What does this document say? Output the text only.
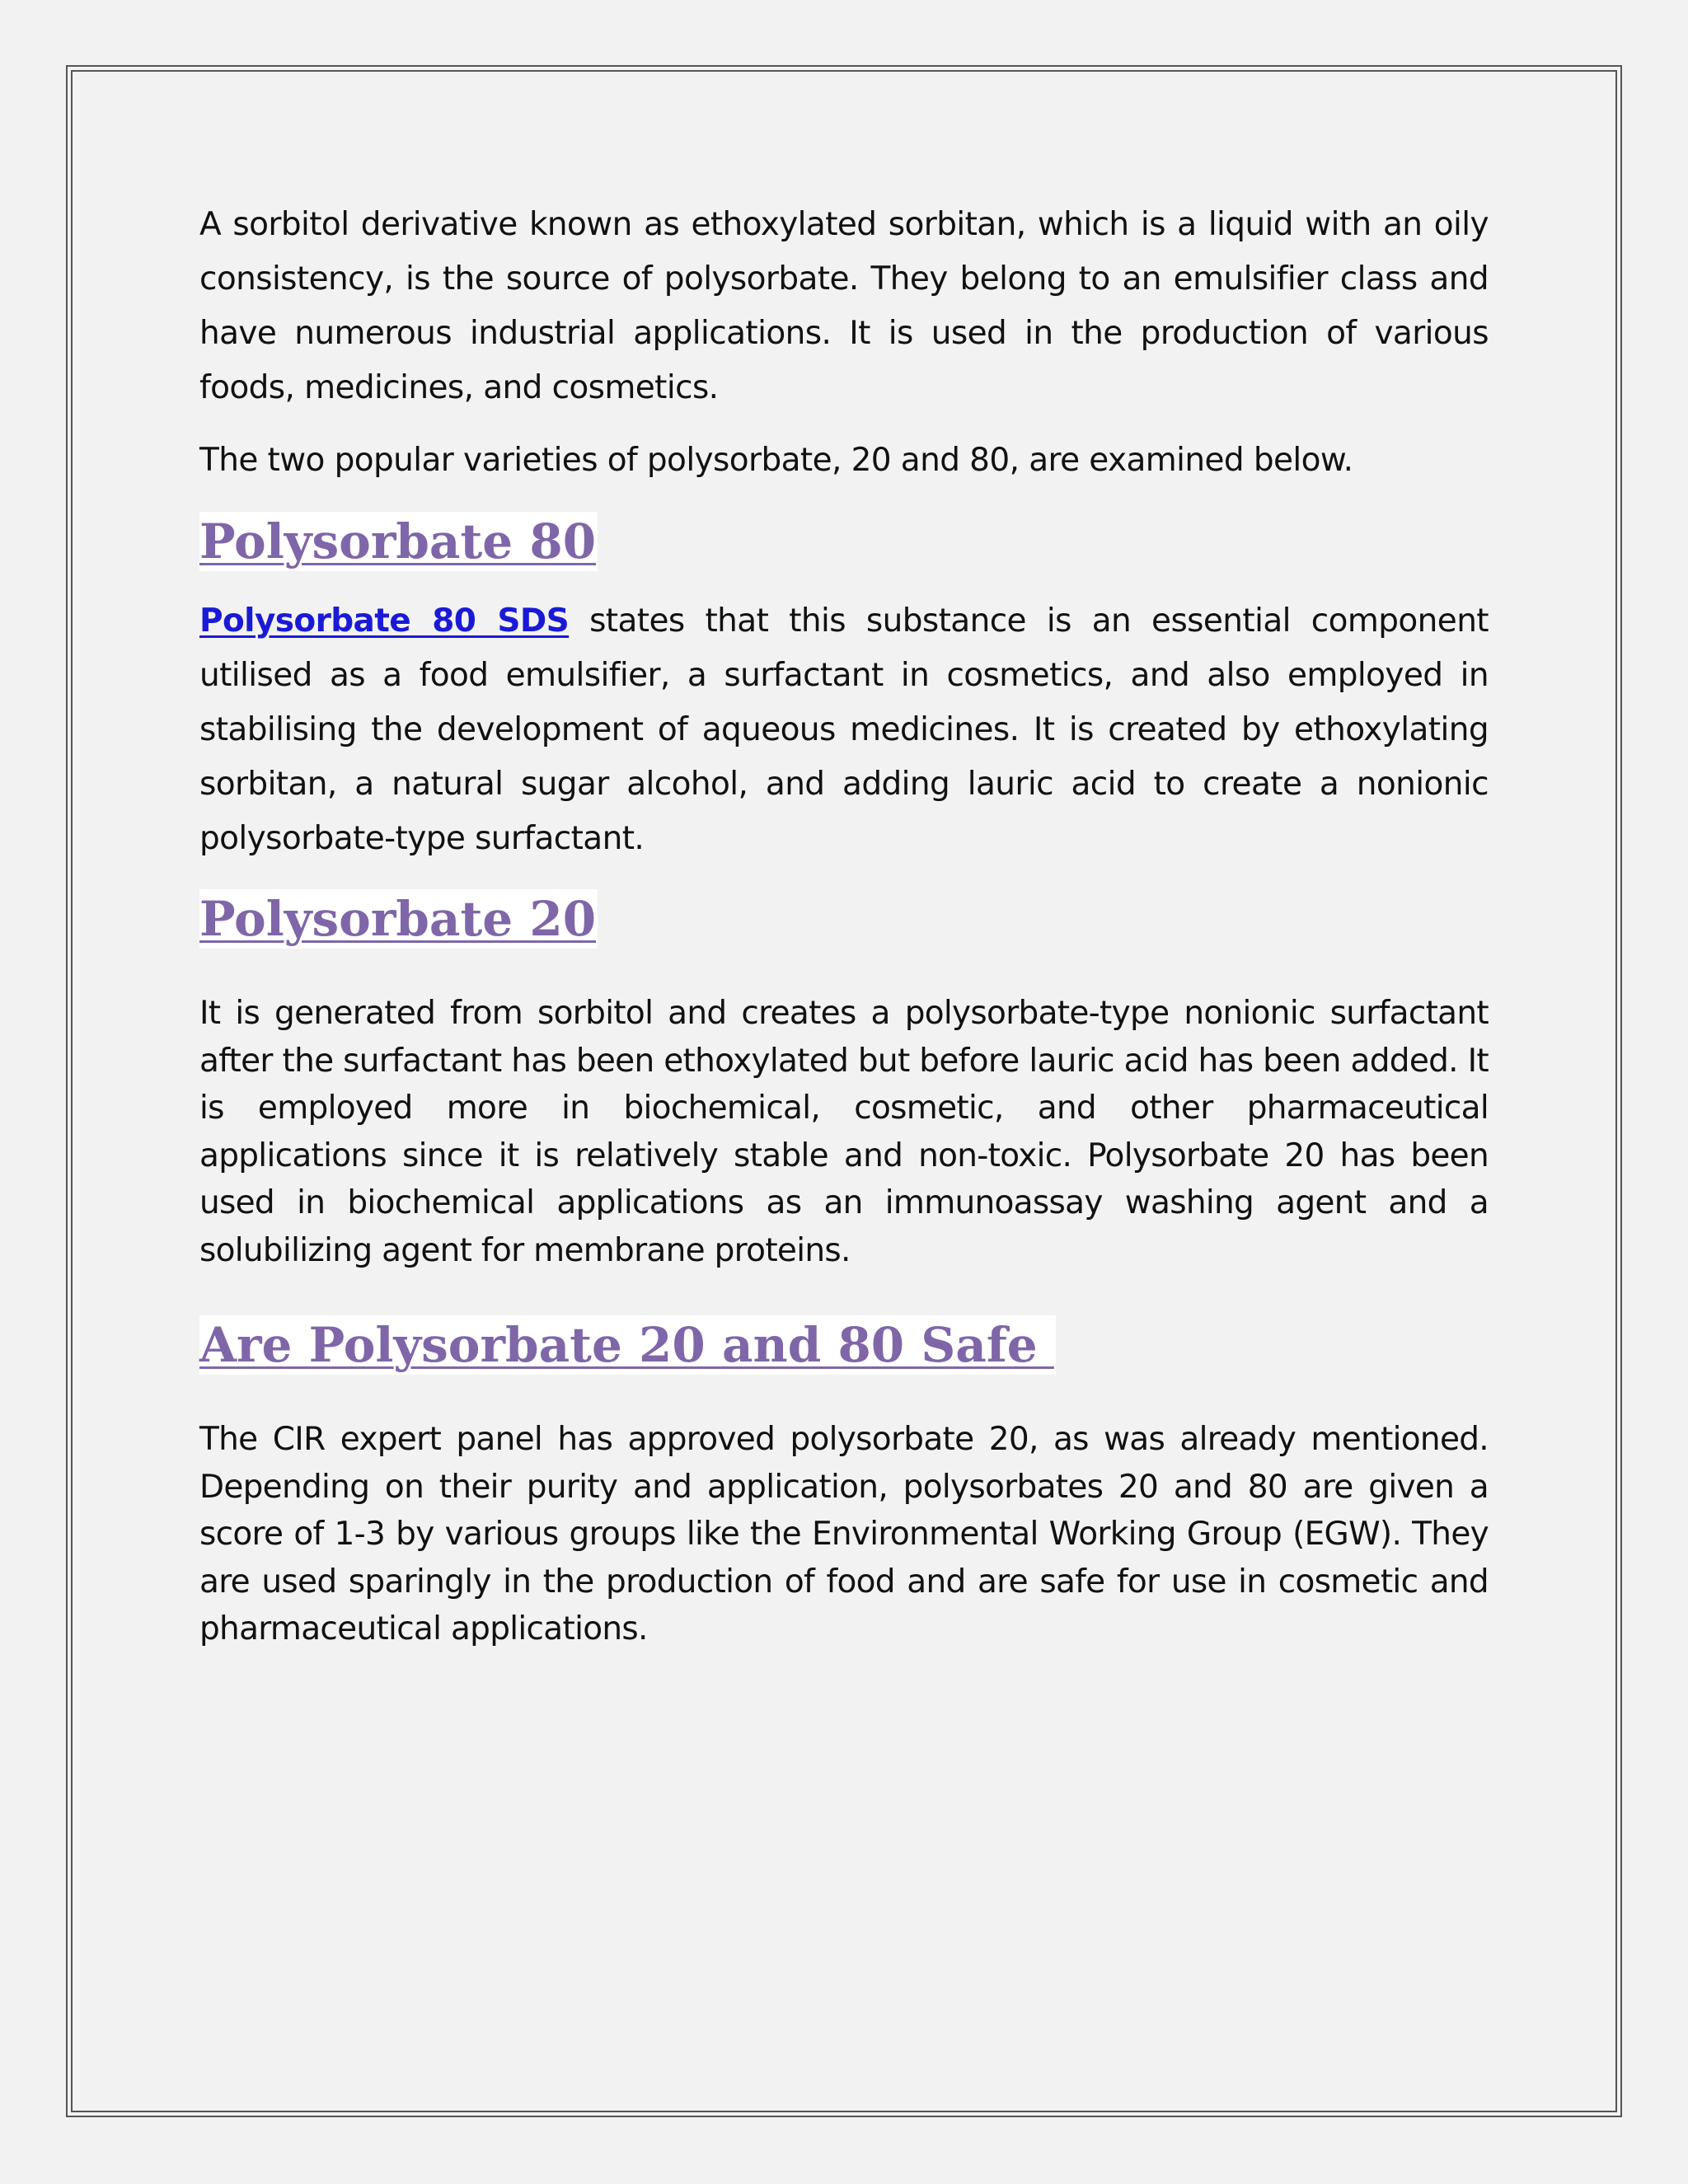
A sorbitol derivative known as ethoxylated sorbitan, which is a liquid with an oily consistency, is the source of polysorbate. They belong to an emulsifier class and have numerous industrial applications. It is used in the production of various foods, medicines, and cosmetics.

The two popular varieties of polysorbate, 20 and 80, are examined below.

Polysorbate 80

Polysorbate 80 SDS states that this substance is an essential component utilised as a food emulsifier, a surfactant in cosmetics, and also employed in stabilising the development of aqueous medicines. It is created by ethoxylating sorbitan, a natural sugar alcohol, and adding lauric acid to create a nonionic polysorbate-type surfactant.

Polysorbate 20

It is generated from sorbitol and creates a polysorbate-type nonionic surfactant after the surfactant has been ethoxylated but before lauric acid has been added. It is employed more in biochemical, cosmetic, and other pharmaceutical applications since it is relatively stable and non-toxic. Polysorbate 20 has been used in biochemical applications as an immunoassay washing agent and a solubilizing agent for membrane proteins.

Are Polysorbate 20 and 80 Safe

The CIR expert panel has approved polysorbate 20, as was already mentioned. Depending on their purity and application, polysorbates 20 and 80 are given a score of 1-3 by various groups like the Environmental Working Group (EGW). They are used sparingly in the production of food and are safe for use in cosmetic and pharmaceutical applications.
